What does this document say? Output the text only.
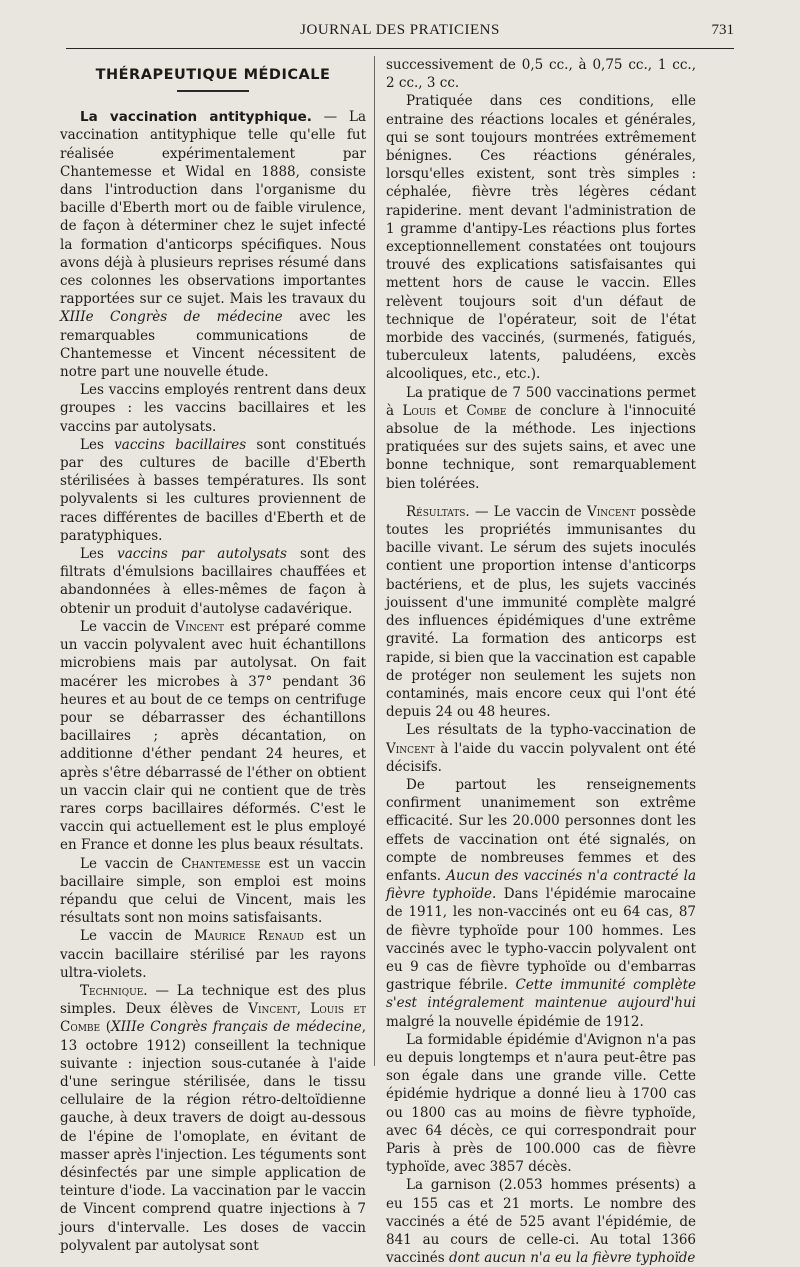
JOURNAL DES PRATICIENS	731
THÉRAPEUTIQUE MÉDICALE

La vaccination antityphique. — La vaccination antityphique telle qu'elle fut réalisée expérimentalement par Chantemesse et Widal en 1888, consiste dans l'introduction dans l'organisme du bacille d'Eberth mort ou de faible virulence, de façon à déterminer chez le sujet infecté la formation d'anticorps spécifiques. Nous avons déjà à plusieurs reprises résumé dans ces colonnes les observations importantes rapportées sur ce sujet. Mais les travaux du XIIIe Congrès de médecine avec les remarquables communications de Chantemesse et Vincent nécessitent de notre part une nouvelle étude.

Les vaccins employés rentrent dans deux groupes : les vaccins bacillaires et les vaccins par autolysats.

Les vaccins bacillaires sont constitués par des cultures de bacille d'Eberth stérilisées à basses températures. Ils sont polyvalents si les cultures proviennent de races différentes de bacilles d'Eberth et de paratyphiques.

Les vaccins par autolysats sont des filtrats d'émulsions bacillaires chauffées et abandonnées à elles-mêmes de façon à obtenir un produit d'autolyse cadavérique.

Le vaccin de Vincent est préparé comme un vaccin polyvalent avec huit échantillons microbiens mais par autolysat. On fait macérer les microbes à 37° pendant 36 heures et au bout de ce temps on centrifuge pour se débarrasser des échantillons bacillaires ; après décantation, on additionne d'éther pendant 24 heures, et après s'être débarrassé de l'éther on obtient un vaccin clair qui ne contient que de très rares corps bacillaires déformés. C'est le vaccin qui actuellement est le plus employé en France et donne les plus beaux résultats.

Le vaccin de Chantemesse est un vaccin bacillaire simple, son emploi est moins répandu que celui de Vincent, mais les résultats sont non moins satisfaisants.

Le vaccin de Maurice Renaud est un vaccin bacillaire stérilisé par les rayons ultra-violets.

Technique. — La technique est des plus simples. Deux élèves de Vincent, Louis et Combe (XIIIe Congrès français de médecine, 13 octobre 1912) conseillent la technique suivante : injection sous-cutanée à l'aide d'une seringue stérilisée, dans le tissu cellulaire de la région rétro-deltoïdienne gauche, à deux travers de doigt au-dessous de l'épine de l'omoplate, en évitant de masser après l'injection. Les téguments sont désinfectés par une simple application de teinture d'iode. La vaccination par le vaccin de Vincent comprend quatre injections à 7 jours d'intervalle. Les doses de vaccin polyvalent par autolysat sont

successivement de 0,5 cc., à 0,75 cc., 1 cc., 2 cc., 3 cc.

Pratiquée dans ces conditions, elle entraine des réactions locales et générales, qui se sont toujours montrées extrêmement bénignes. Ces réactions générales, lorsqu'elles existent, sont très simples : céphalée, fièvre très légères cédant rapiderine. ment devant l'administration de 1 gramme d'antipy-Les réactions plus fortes exceptionnellement constatées ont toujours trouvé des explications satisfaisantes qui mettent hors de cause le vaccin. Elles relèvent toujours soit d'un défaut de technique de l'opérateur, soit de l'état morbide des vaccinés, (surmenés, fatigués, tuberculeux latents, paludéens, excès alcooliques, etc., etc.).

La pratique de 7 500 vaccinations permet à Louis et Combe de conclure à l'innocuité absolue de la méthode. Les injections pratiquées sur des sujets sains, et avec une bonne technique, sont remarquablement bien tolérées.

Résultats. — Le vaccin de Vincent possède toutes les propriétés immunisantes du bacille vivant. Le sérum des sujets inoculés contient une proportion intense d'anticorps bactériens, et de plus, les sujets vaccinés jouissent d'une immunité complète malgré des influences épidémiques d'une extrême gravité. La formation des anticorps est rapide, si bien que la vaccination est capable de protéger non seulement les sujets non contaminés, mais encore ceux qui l'ont été depuis 24 ou 48 heures.

Les résultats de la typho-vaccination de Vincent à l'aide du vaccin polyvalent ont été décisifs.

De partout les renseignements confirment unanimement son extrême efficacité. Sur les 20.000 personnes dont les effets de vaccination ont été signalés, on compte de nombreuses femmes et des enfants. Aucun des vaccinés n'a contracté la fièvre typhoïde. Dans l'épidémie marocaine de 1911, les non-vaccinés ont eu 64 cas, 87 de fièvre typhoïde pour 100 hommes. Les vaccinés avec le typho-vaccin polyvalent ont eu 9 cas de fièvre typhoïde ou d'embarras gastrique fébrile. Cette immunité complète s'est intégralement maintenue aujourd'hui malgré la nouvelle épidémie de 1912.

La formidable épidémie d'Avignon n'a pas eu depuis longtemps et n'aura peut-être pas son égale dans une grande ville. Cette épidémie hydrique a donné lieu à 1700 cas ou 1800 cas au moins de fièvre typhoïde, avec 64 décès, ce qui correspondrait pour Paris à près de 100.000 cas de fièvre typhoïde, avec 3857 décès.

La garnison (2.053 hommes présents) a eu 155 cas et 21 morts. Le nombre des vaccinés a été de 525 avant l'épidémie, de 841 au cours de celle-ci. Au total 1366 vaccinés dont aucun n'a eu la fièvre typhoïde
